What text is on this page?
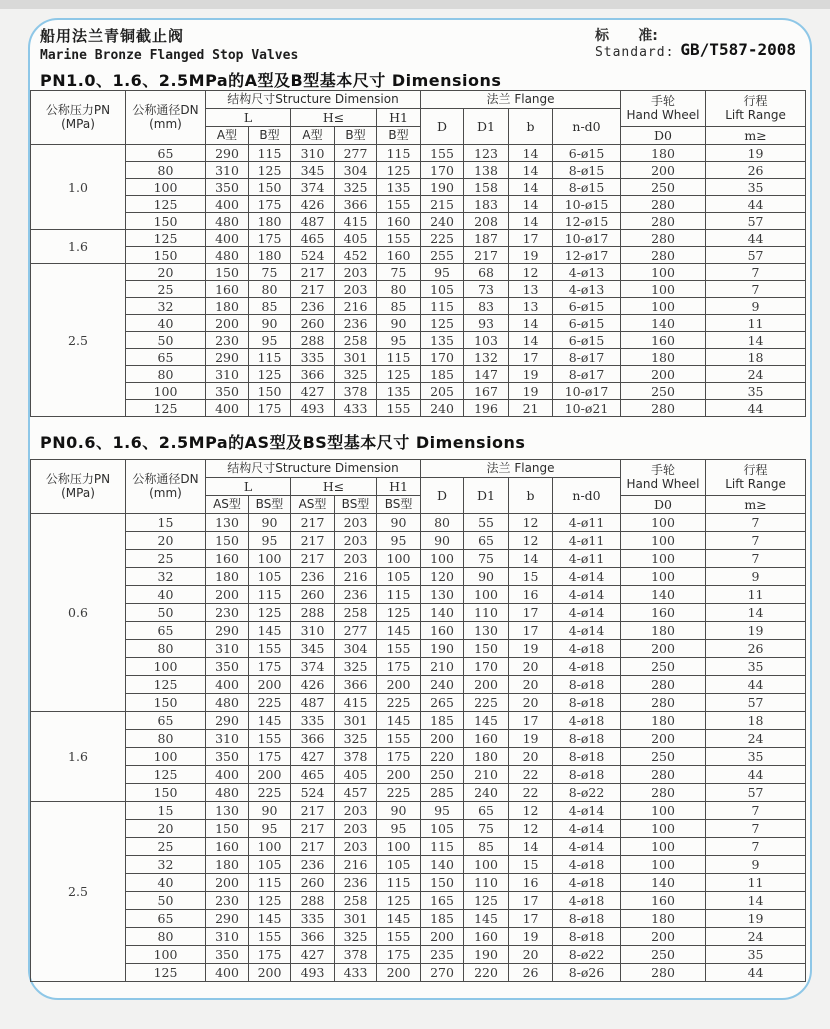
船用法兰青铜截止阀
Marine Bronze Flanged Stop Valves
PN1.0、1.6、2.5MPa的A型及B型基本尺寸 Dimensions
标      准:
Standard: GB/T587-2008
公称压力PN
(MPa)	公称通径DN
(mm)	结构尺寸Structure Dimension					法兰 Flange				手轮
Hand Wheel	行程
Lift Range

		L		H≤		H1	D	D1	b	n-d0		
		A型	B型	A型	B型	B型					D0	m≥
1.0	65	290	115	310	277	115	155	123	14	6-ø15	180	19
	80	310	125	345	304	125	170	138	14	8-ø15	200	26
	100	350	150	374	325	135	190	158	14	8-ø15	250	35
	125	400	175	426	366	155	215	183	14	10-ø15	280	44
	150	480	180	487	415	160	240	208	14	12-ø15	280	57
1.6	125	400	175	465	405	155	225	187	17	10-ø17	280	44
	150	480	180	524	452	160	255	217	19	12-ø17	280	57
2.5	20	150	75	217	203	75	95	68	12	4-ø13	100	7
	25	160	80	217	203	80	105	73	13	4-ø13	100	7
	32	180	85	236	216	85	115	83	13	6-ø15	100	9
	40	200	90	260	236	90	125	93	14	6-ø15	140	11
	50	230	95	288	258	95	135	103	14	6-ø15	160	14
	65	290	115	335	301	115	170	132	17	8-ø17	180	18
	80	310	125	366	325	125	185	147	19	8-ø17	200	24
	100	350	150	427	378	135	205	167	19	10-ø17	250	35
	125	400	175	493	433	155	240	196	21	10-ø21	280	44
PN0.6、1.6、2.5MPa的AS型及BS型基本尺寸 Dimensions
公称压力PN
(MPa)	公称通径DN
(mm)	结构尺寸Structure Dimension					法兰 Flange				手轮
Hand Wheel	行程
Lift Range

		L		H≤		H1	D	D1	b	n-d0		
		AS型	BS型	AS型	BS型	BS型					D0	m≥
0.6	15	130	90	217	203	90	80	55	12	4-ø11	100	7
	20	150	95	217	203	95	90	65	12	4-ø11	100	7
	25	160	100	217	203	100	100	75	14	4-ø11	100	7
	32	180	105	236	216	105	120	90	15	4-ø14	100	9
	40	200	115	260	236	115	130	100	16	4-ø14	140	11
	50	230	125	288	258	125	140	110	17	4-ø14	160	14
	65	290	145	310	277	145	160	130	17	4-ø14	180	19
	80	310	155	345	304	155	190	150	19	4-ø18	200	26
	100	350	175	374	325	175	210	170	20	4-ø18	250	35
	125	400	200	426	366	200	240	200	20	8-ø18	280	44
	150	480	225	487	415	225	265	225	20	8-ø18	280	57
1.6	65	290	145	335	301	145	185	145	17	4-ø18	180	18
	80	310	155	366	325	155	200	160	19	8-ø18	200	24
	100	350	175	427	378	175	220	180	20	8-ø18	250	35
	125	400	200	465	405	200	250	210	22	8-ø18	280	44
	150	480	225	524	457	225	285	240	22	8-ø22	280	57
2.5	15	130	90	217	203	90	95	65	12	4-ø14	100	7
	20	150	95	217	203	95	105	75	12	4-ø14	100	7
	25	160	100	217	203	100	115	85	14	4-ø14	100	7
	32	180	105	236	216	105	140	100	15	4-ø18	100	9
	40	200	115	260	236	115	150	110	16	4-ø18	140	11
	50	230	125	288	258	125	165	125	17	4-ø18	160	14
	65	290	145	335	301	145	185	145	17	8-ø18	180	19
	80	310	155	366	325	155	200	160	19	8-ø18	200	24
	100	350	175	427	378	175	235	190	20	8-ø22	250	35
	125	400	200	493	433	200	270	220	26	8-ø26	280	44
